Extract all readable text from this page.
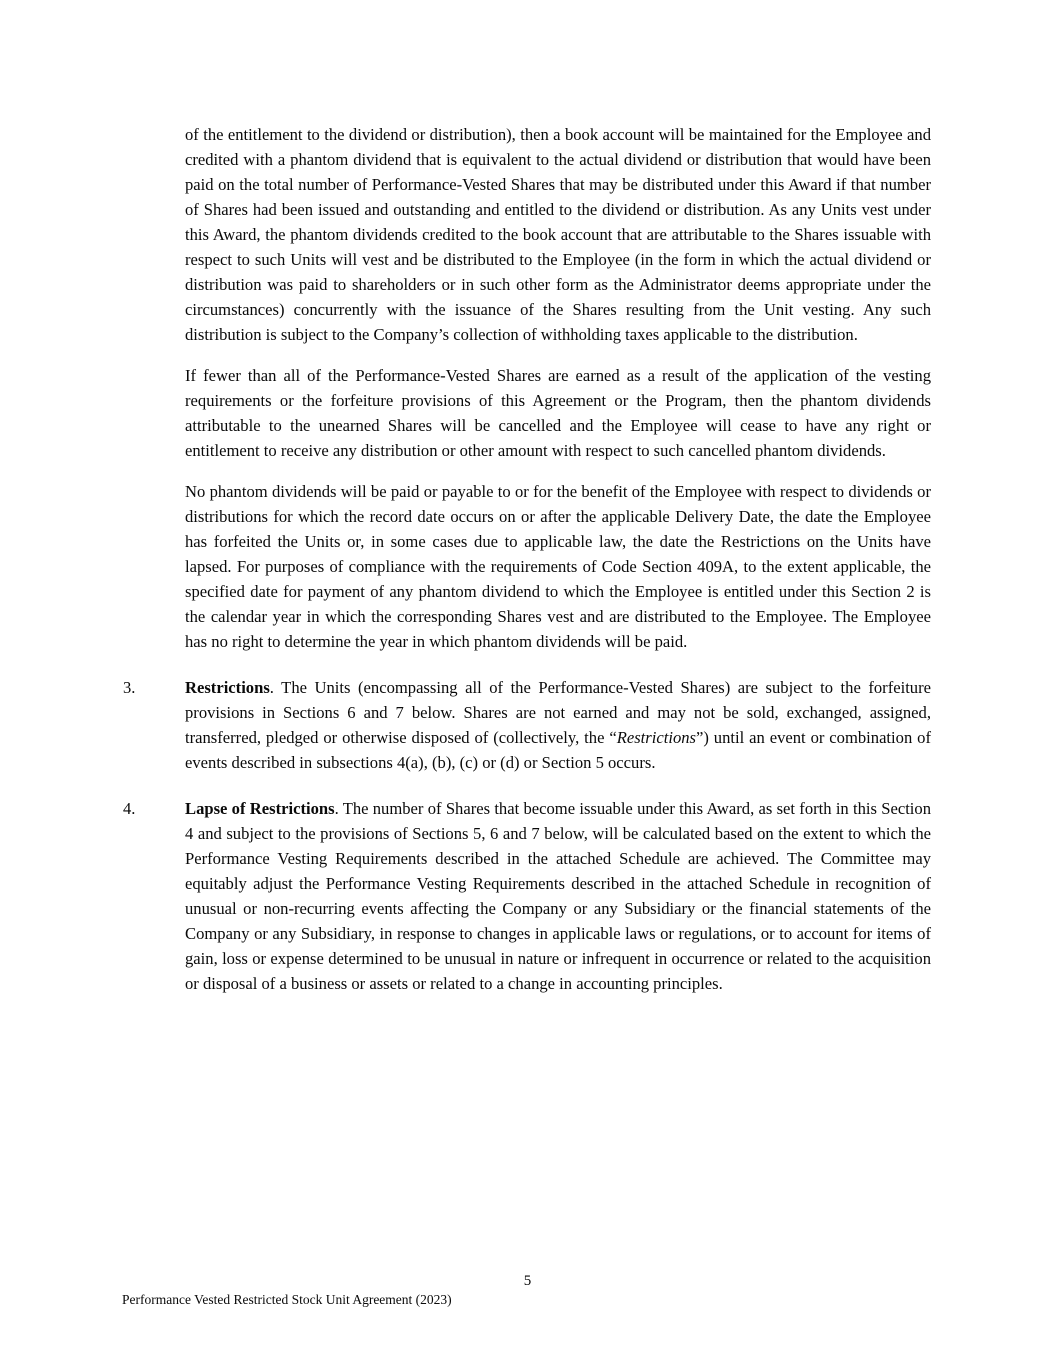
of the entitlement to the dividend or distribution), then a book account will be maintained for the Employee and credited with a phantom dividend that is equivalent to the actual dividend or distribution that would have been paid on the total number of Performance-Vested Shares that may be distributed under this Award if that number of Shares had been issued and outstanding and entitled to the dividend or distribution. As any Units vest under this Award, the phantom dividends credited to the book account that are attributable to the Shares issuable with respect to such Units will vest and be distributed to the Employee (in the form in which the actual dividend or distribution was paid to shareholders or in such other form as the Administrator deems appropriate under the circumstances) concurrently with the issuance of the Shares resulting from the Unit vesting. Any such distribution is subject to the Company’s collection of withholding taxes applicable to the distribution.
If fewer than all of the Performance-Vested Shares are earned as a result of the application of the vesting requirements or the forfeiture provisions of this Agreement or the Program, then the phantom dividends attributable to the unearned Shares will be cancelled and the Employee will cease to have any right or entitlement to receive any distribution or other amount with respect to such cancelled phantom dividends.
No phantom dividends will be paid or payable to or for the benefit of the Employee with respect to dividends or distributions for which the record date occurs on or after the applicable Delivery Date, the date the Employee has forfeited the Units or, in some cases due to applicable law, the date the Restrictions on the Units have lapsed. For purposes of compliance with the requirements of Code Section 409A, to the extent applicable, the specified date for payment of any phantom dividend to which the Employee is entitled under this Section 2 is the calendar year in which the corresponding Shares vest and are distributed to the Employee. The Employee has no right to determine the year in which phantom dividends will be paid.
3.	Restrictions. The Units (encompassing all of the Performance-Vested Shares) are subject to the forfeiture provisions in Sections 6 and 7 below. Shares are not earned and may not be sold, exchanged, assigned, transferred, pledged or otherwise disposed of (collectively, the “Restrictions”) until an event or combination of events described in subsections 4(a), (b), (c) or (d) or Section 5 occurs.
4.	Lapse of Restrictions. The number of Shares that become issuable under this Award, as set forth in this Section 4 and subject to the provisions of Sections 5, 6 and 7 below, will be calculated based on the extent to which the Performance Vesting Requirements described in the attached Schedule are achieved. The Committee may equitably adjust the Performance Vesting Requirements described in the attached Schedule in recognition of unusual or non-recurring events affecting the Company or any Subsidiary or the financial statements of the Company or any Subsidiary, in response to changes in applicable laws or regulations, or to account for items of gain, loss or expense determined to be unusual in nature or infrequent in occurrence or related to the acquisition or disposal of a business or assets or related to a change in accounting principles.
5
Performance Vested Restricted Stock Unit Agreement (2023)
